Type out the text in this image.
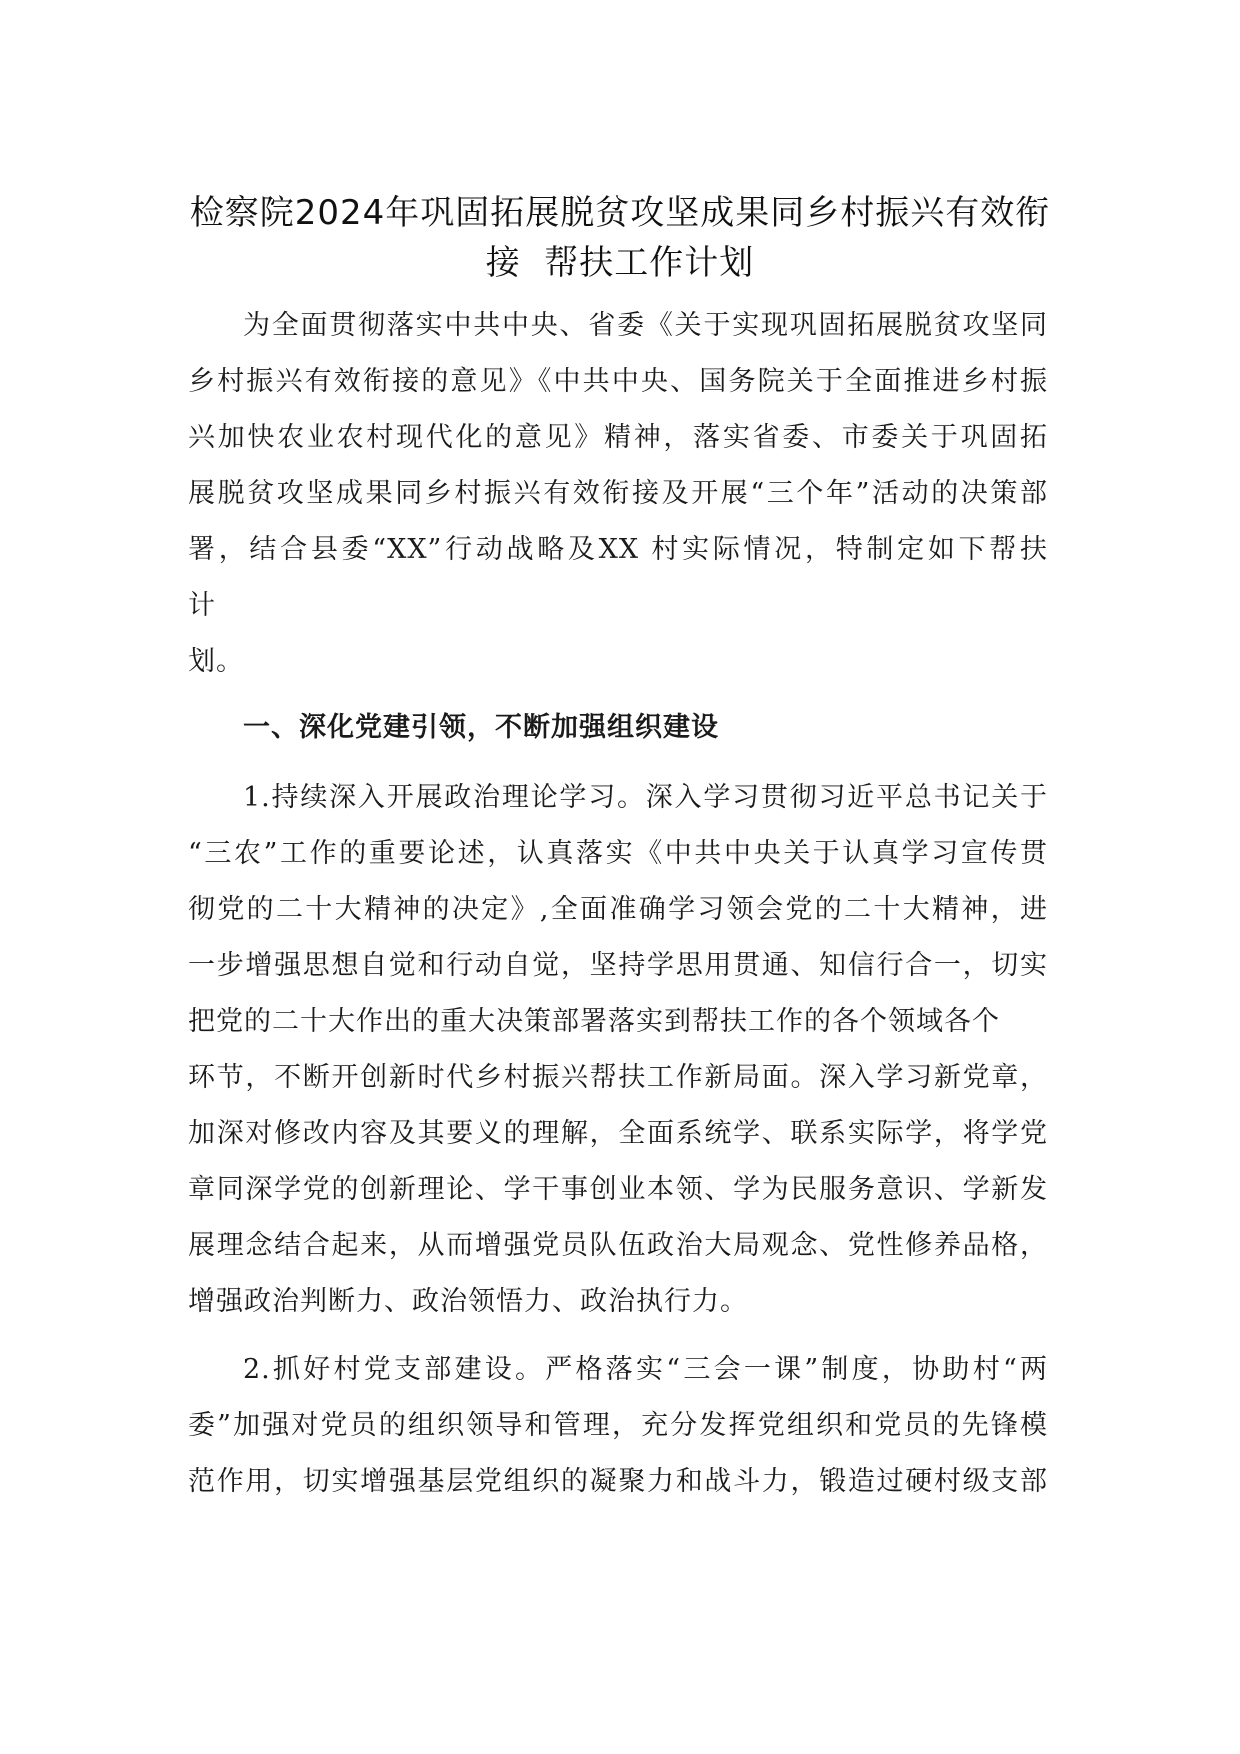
检察院2024年巩固拓展脱贫攻坚成果同乡村振兴有效衔
接  帮扶工作计划
为全面贯彻落实中共中央、省委《关于实现巩固拓展脱贫攻坚同
乡村振兴有效衔接的意见》《中共中央、国务院关于全面推进乡村振
兴加快农业农村现代化的意见》精神，落实省委、市委关于巩固拓
展脱贫攻坚成果同乡村振兴有效衔接及开展“三个年”活动的决策部
署，结合县委“XX”行动战略及XX 村实际情况，特制定如下帮扶
计
划。
一、深化党建引领，不断加强组织建设
1.持续深入开展政治理论学习。深入学习贯彻习近平总书记关于
“三农”工作的重要论述，认真落实《中共中央关于认真学习宣传贯
彻党的二十大精神的决定》,全面准确学习领会党的二十大精神，进
一步增强思想自觉和行动自觉，坚持学思用贯通、知信行合一，切实
把党的二十大作出的重大决策部署落实到帮扶工作的各个领域各个
环节，不断开创新时代乡村振兴帮扶工作新局面。深入学习新党章，
加深对修改内容及其要义的理解，全面系统学、联系实际学，将学党
章同深学党的创新理论、学干事创业本领、学为民服务意识、学新发
展理念结合起来，从而增强党员队伍政治大局观念、党性修养品格，
增强政治判断力、政治领悟力、政治执行力。
2.抓好村党支部建设。严格落实“三会一课”制度，协助村“两
委”加强对党员的组织领导和管理，充分发挥党组织和党员的先锋模
范作用，切实增强基层党组织的凝聚力和战斗力，锻造过硬村级支部
